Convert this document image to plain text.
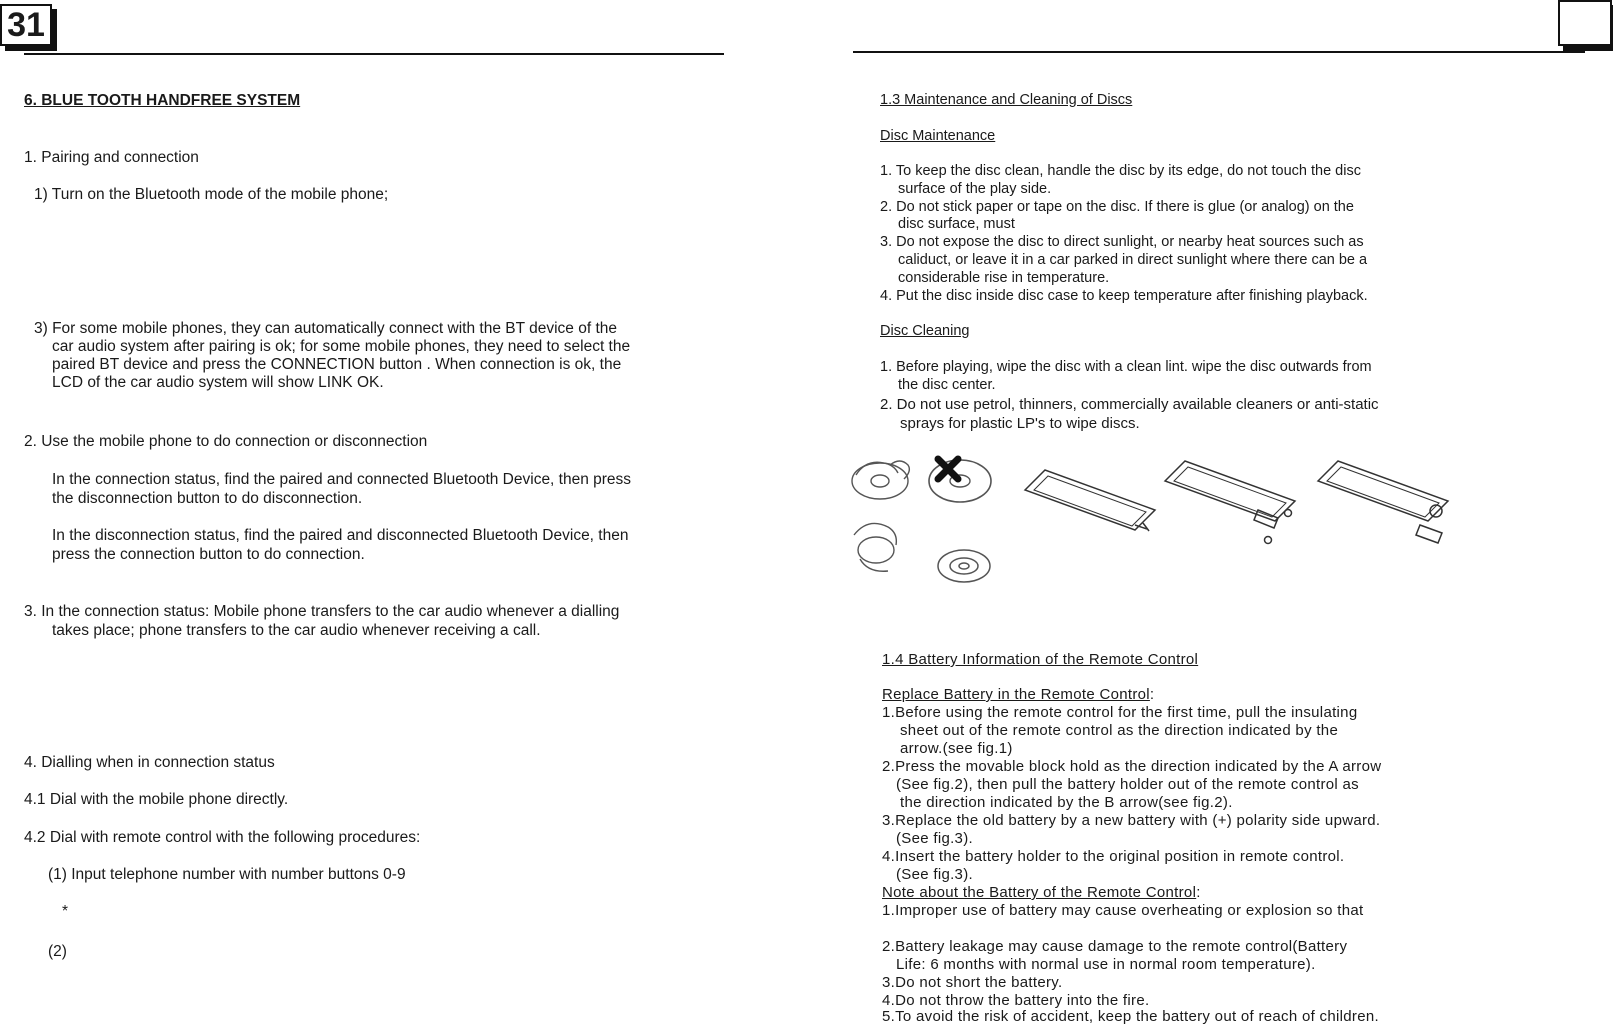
31
6. BLUE TOOTH HANDFREE SYSTEM
1. Pairing and connection
1) Turn on the Bluetooth mode of the mobile phone;
3) For some mobile phones, they can automatically connect with the BT device of the
car audio system after pairing is ok; for some mobile phones, they need to select the
paired BT device and press the CONNECTION button . When connection is ok, the
LCD of the car audio system will show LINK OK.
2. Use the mobile phone to do connection or disconnection
In the connection status, find the paired and connected Bluetooth Device, then press
the disconnection button to do disconnection.
In the disconnection status, find the paired and disconnected Bluetooth Device, then
press the connection button to do connection.
3. In the connection status: Mobile phone transfers to the car audio whenever a dialling
takes place; phone transfers to the car audio whenever receiving a call.
4. Dialling when in connection status
4.1 Dial with the mobile phone directly.
4.2 Dial with remote control with the following procedures:
(1) Input telephone number with number buttons 0-9
*
(2)
1.3 Maintenance and Cleaning of Discs
Disc Maintenance
1. To keep the disc clean, handle the disc by its edge, do not touch the disc
surface of the play side.
2. Do not stick paper or tape on the disc. If there is glue (or analog) on the
disc surface, must
3. Do not expose the disc to direct sunlight, or nearby heat sources such as
caliduct, or leave it in a car parked in direct sunlight where there can be a
considerable rise in temperature.
4. Put the disc inside disc case to keep temperature after finishing playback.
Disc Cleaning
1. Before playing, wipe the disc with a clean lint. wipe the disc outwards from
the disc center.
2. Do not use petrol, thinners, commercially available cleaners or anti-static
sprays for plastic LP's to wipe discs.
1.4 Battery Information of the Remote Control
Replace Battery in the Remote Control:
1.Before using the remote control for the first time, pull the insulating
sheet out of the remote control as the direction indicated by the
arrow.(see fig.1)
2.Press the movable block hold as the direction indicated by the A arrow
(See fig.2), then pull the battery holder out of the remote control as
the direction indicated by the B arrow(see fig.2).
3.Replace the old battery by a new battery with (+) polarity side upward.
(See fig.3).
4.Insert the battery holder to the original position in remote control.
(See fig.3).
Note about the Battery of the Remote Control:
1.Improper use of battery may cause overheating or explosion so that
2.Battery leakage may cause damage to the remote control(Battery
Life: 6 months with normal use in normal room temperature).
3.Do not short the battery.
4.Do not throw the battery into the fire.
5.To avoid the risk of accident, keep the battery out of reach of children.
